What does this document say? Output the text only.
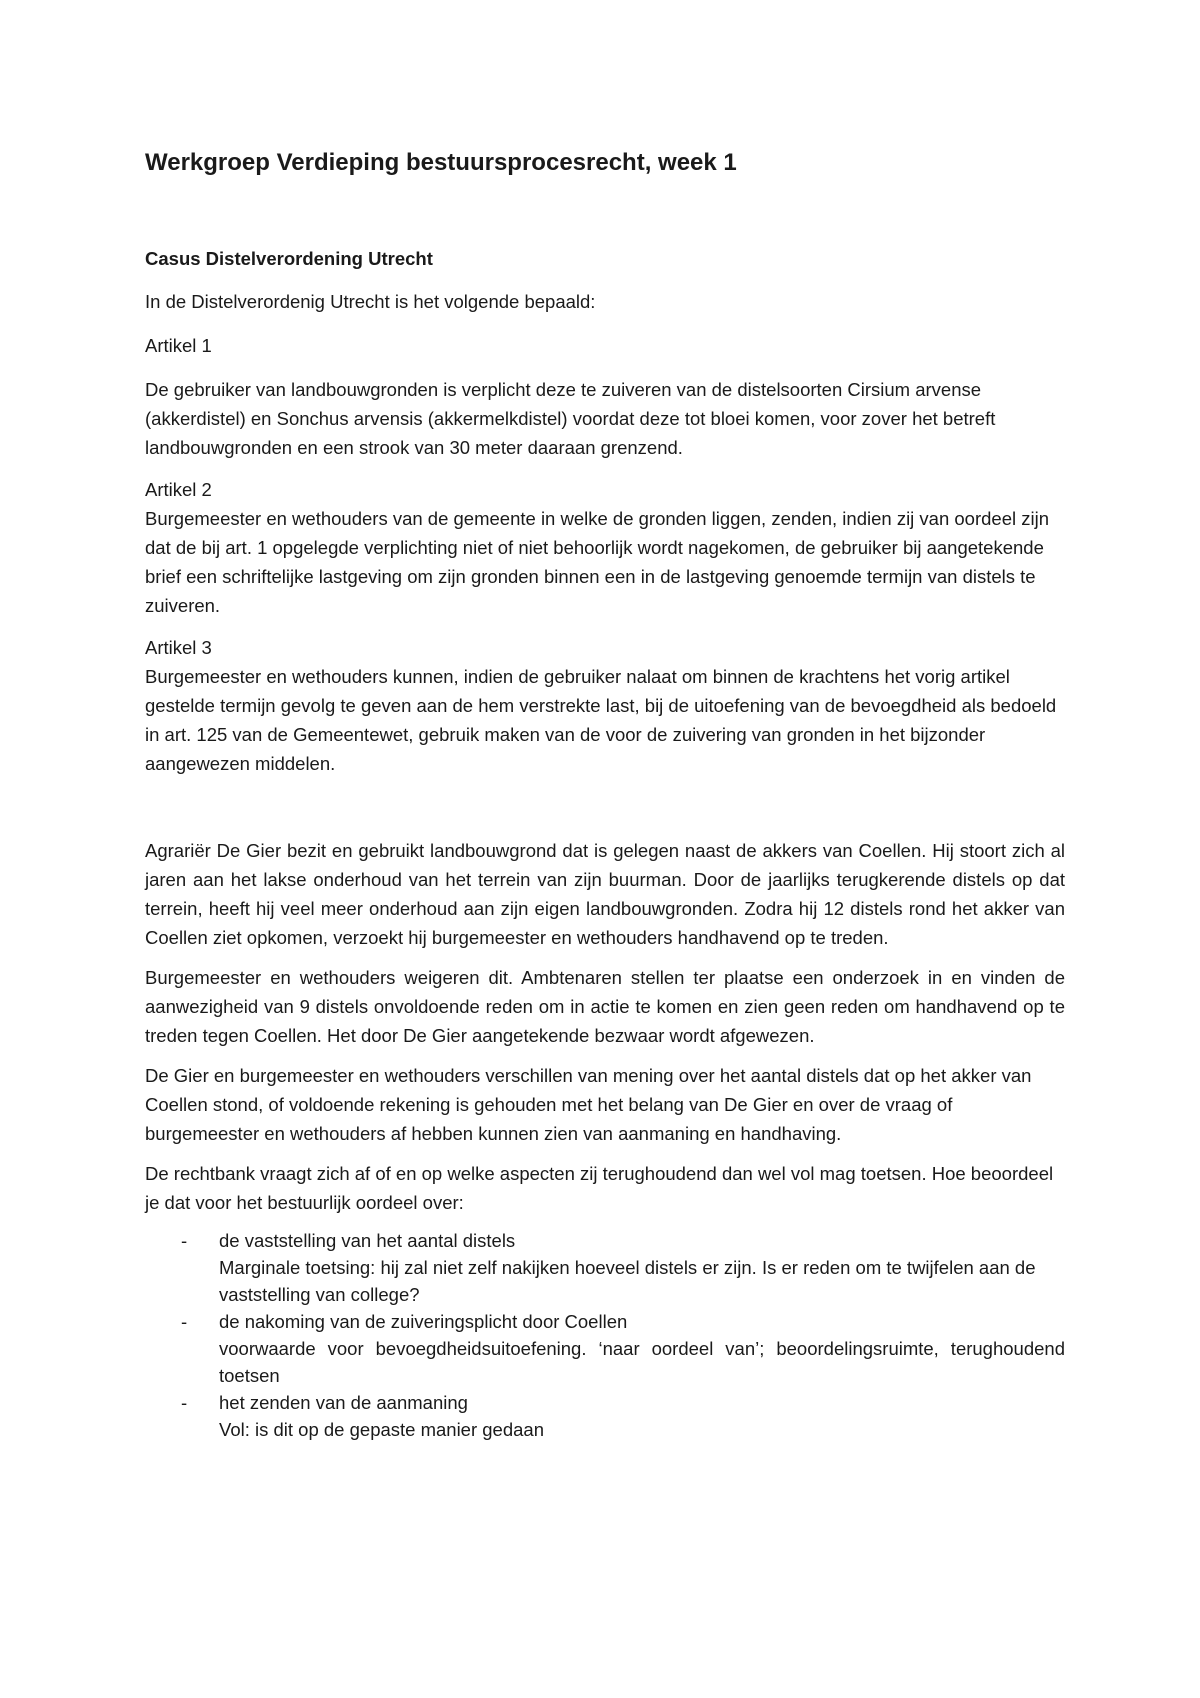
Werkgroep Verdieping bestuursprocesrecht, week 1

Casus Distelverordening Utrecht

In de Distelverordenig Utrecht is het volgende bepaald:

Artikel 1

De gebruiker van landbouwgronden is verplicht deze te zuiveren van de distelsoorten Cirsium arvense (akkerdistel) en Sonchus arvensis (akkermelkdistel) voordat deze tot bloei komen, voor zover het betreft landbouwgronden en een strook van 30 meter daaraan grenzend.

Artikel 2

Burgemeester en wethouders van de gemeente in welke de gronden liggen, zenden, indien zij van oordeel zijn dat de bij art. 1 opgelegde verplichting niet of niet behoorlijk wordt nagekomen, de gebruiker bij aangetekende brief een schriftelijke lastgeving om zijn gronden binnen een in de lastgeving genoemde termijn van distels te zuiveren.

Artikel 3

Burgemeester en wethouders kunnen, indien de gebruiker nalaat om binnen de krachtens het vorig artikel gestelde termijn gevolg te geven aan de hem verstrekte last, bij de uitoefening van de bevoegdheid als bedoeld in art. 125 van de Gemeentewet, gebruik maken van de voor de zuivering van gronden in het bijzonder aangewezen middelen.

Agrariër De Gier bezit en gebruikt landbouwgrond dat is gelegen naast de akkers van Coellen. Hij stoort zich al jaren aan het lakse onderhoud van het terrein van zijn buurman. Door de jaarlijks terugkerende distels op dat terrein, heeft hij veel meer onderhoud aan zijn eigen landbouwgronden. Zodra hij 12 distels rond het akker van Coellen ziet opkomen, verzoekt hij burgemeester en wethouders handhavend op te treden.

Burgemeester en wethouders weigeren dit. Ambtenaren stellen ter plaatse een onderzoek in en vinden de aanwezigheid van 9 distels onvoldoende reden om in actie te komen en zien geen reden om handhavend op te treden tegen Coellen. Het door De Gier aangetekende bezwaar wordt afgewezen.

De Gier en burgemeester en wethouders verschillen van mening over het aantal distels dat op het akker van Coellen stond, of voldoende rekening is gehouden met het belang van De Gier en over de vraag of burgemeester en wethouders af hebben kunnen zien van aanmaning en handhaving.

De rechtbank vraagt zich af of en op welke aspecten zij terughoudend dan wel vol mag toetsen. Hoe beoordeel je dat voor het bestuurlijk oordeel over:

- de vaststelling van het aantal distels
Marginale toetsing: hij zal niet zelf nakijken hoeveel distels er zijn. Is er reden om te twijfelen aan de vaststelling van college?
- de nakoming van de zuiveringsplicht door Coellen
voorwaarde voor bevoegdheidsuitoefening. ‘naar oordeel van’; beoordelingsruimte, terughoudend toetsen
- het zenden van de aanmaning
Vol: is dit op de gepaste manier gedaan
